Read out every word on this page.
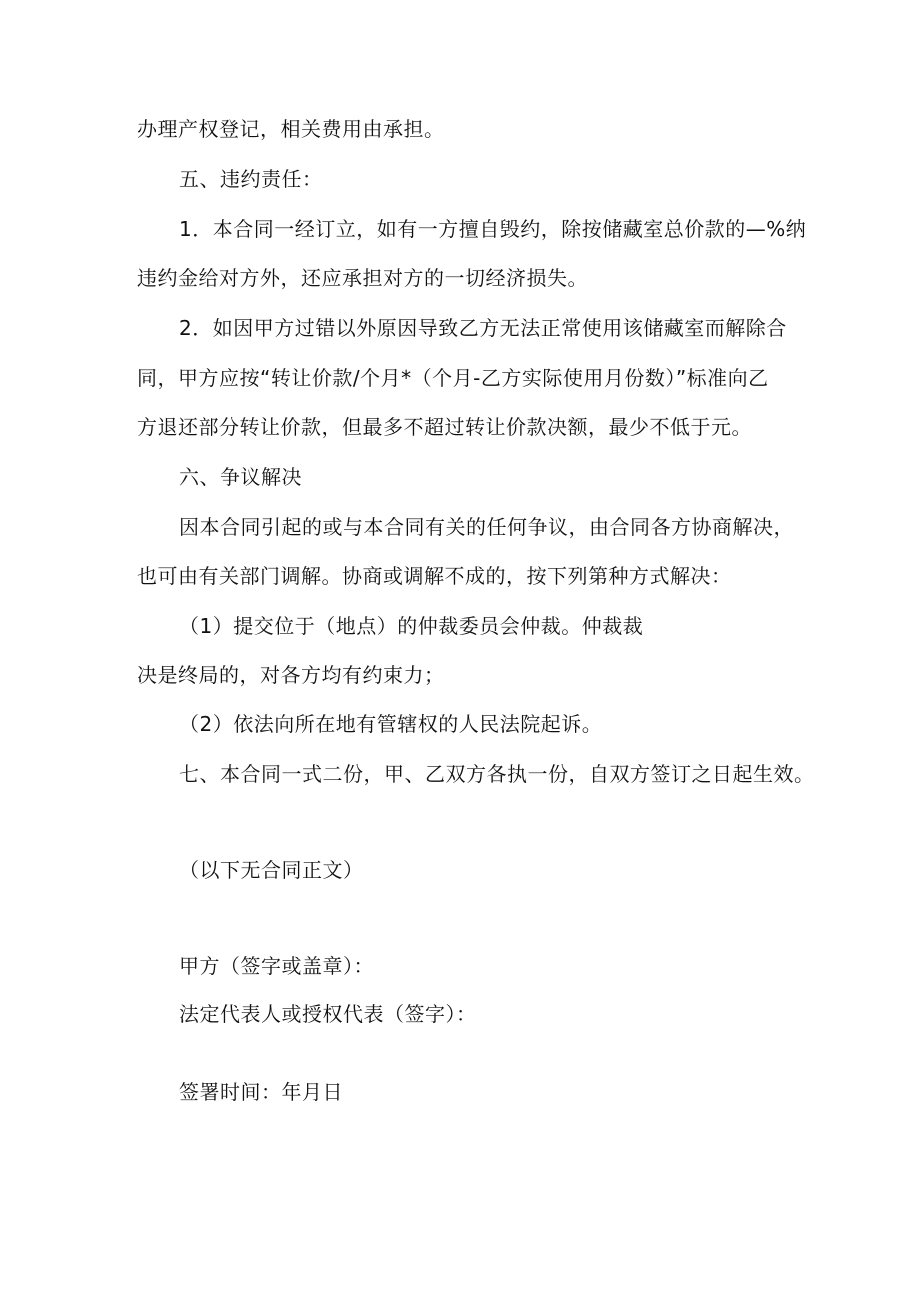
办理产权登记，相关费用由承担。
五、违约责任：
1．本合同一经订立，如有一方擅自毁约，除按储藏室总价款的—%纳
违约金给对方外，还应承担对方的一切经济损失。
2．如因甲方过错以外原因导致乙方无法正常使用该储藏室而解除合
同，甲方应按“转让价款/个月*（个月-乙方实际使用月份数）”标准向乙
方退还部分转让价款，但最多不超过转让价款决额，最少不低于元。
六、争议解决
因本合同引起的或与本合同有关的任何争议，由合同各方协商解决，
也可由有关部门调解。协商或调解不成的，按下列第种方式解决：
（1）提交位于（地点）的仲裁委员会仲裁。仲裁裁
决是终局的，对各方均有约束力；
（2）依法向所在地有管辖权的人民法院起诉。
七、本合同一式二份，甲、乙双方各执一份，自双方签订之日起生效。
（以下无合同正文）
甲方（签字或盖章）：
法定代表人或授权代表（签字）：
签署时间：年月日
